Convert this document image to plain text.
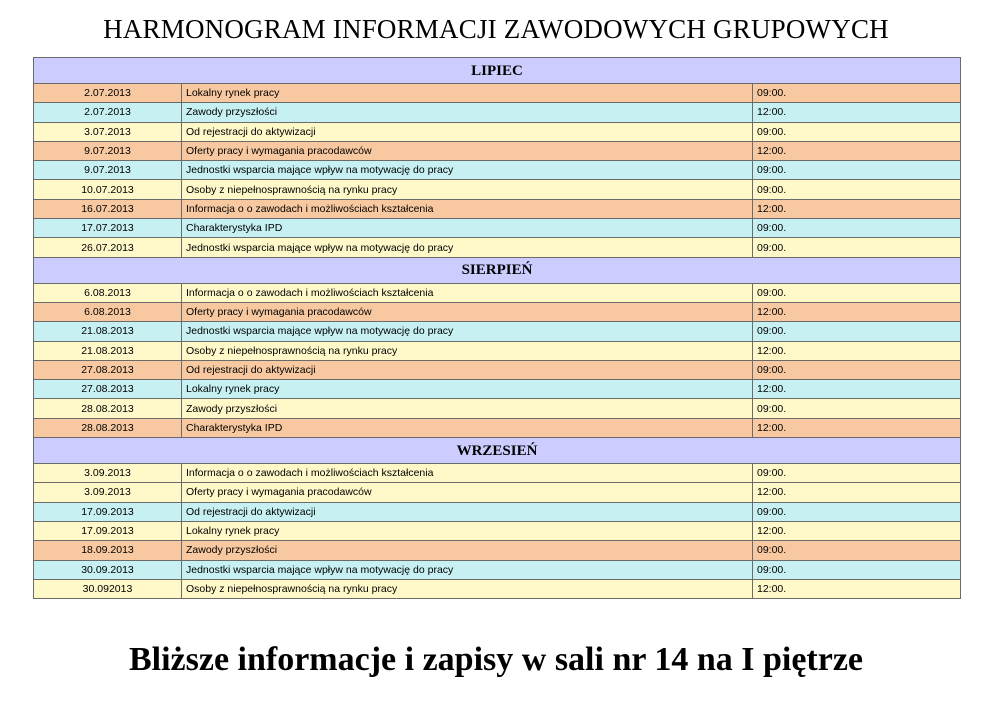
HARMONOGRAM INFORMACJI ZAWODOWYCH GRUPOWYCH
LIPIEC		
2.07.2013	Lokalny rynek pracy	09:00.
2.07.2013	Zawody przyszłości	12:00.
3.07.2013	Od rejestracji do aktywizacji	09:00.
9.07.2013	Oferty pracy i wymagania pracodawców	12:00.
9.07.2013	Jednostki wsparcia mające wpływ na motywację do pracy	09:00.
10.07.2013	Osoby z niepełnosprawnością na rynku pracy	09:00.
16.07.2013	Informacja o o zawodach i możliwościach kształcenia	12:00.
17.07.2013	Charakterystyka IPD	09:00.
26.07.2013	Jednostki wsparcia mające wpływ na motywację do pracy	09:00.
SIERPIEŃ		
6.08.2013	Informacja o o zawodach i możliwościach kształcenia	09:00.
6.08.2013	Oferty pracy i wymagania pracodawców	12:00.
21.08.2013	Jednostki wsparcia mające wpływ na motywację do pracy	09:00.
21.08.2013	Osoby z niepełnosprawnością na rynku pracy	12:00.
27.08.2013	Od rejestracji do aktywizacji	09:00.
27.08.2013	Lokalny rynek pracy	12:00.
28.08.2013	Zawody przyszłości	09:00.
28.08.2013	Charakterystyka IPD	12:00.
WRZESIEŃ		
3.09.2013	Informacja o o zawodach i możliwościach kształcenia	09:00.
3.09.2013	Oferty pracy i wymagania pracodawców	12:00.
17.09.2013	Od rejestracji do aktywizacji	09:00.
17.09.2013	Lokalny rynek pracy	12:00.
18.09.2013	Zawody przyszłości	09:00.
30.09.2013	Jednostki wsparcia mające wpływ na motywację do pracy	09:00.
30.092013	Osoby z niepełnosprawnością na rynku pracy	12:00.
Bliższe informacje i zapisy w sali nr 14 na I piętrze
